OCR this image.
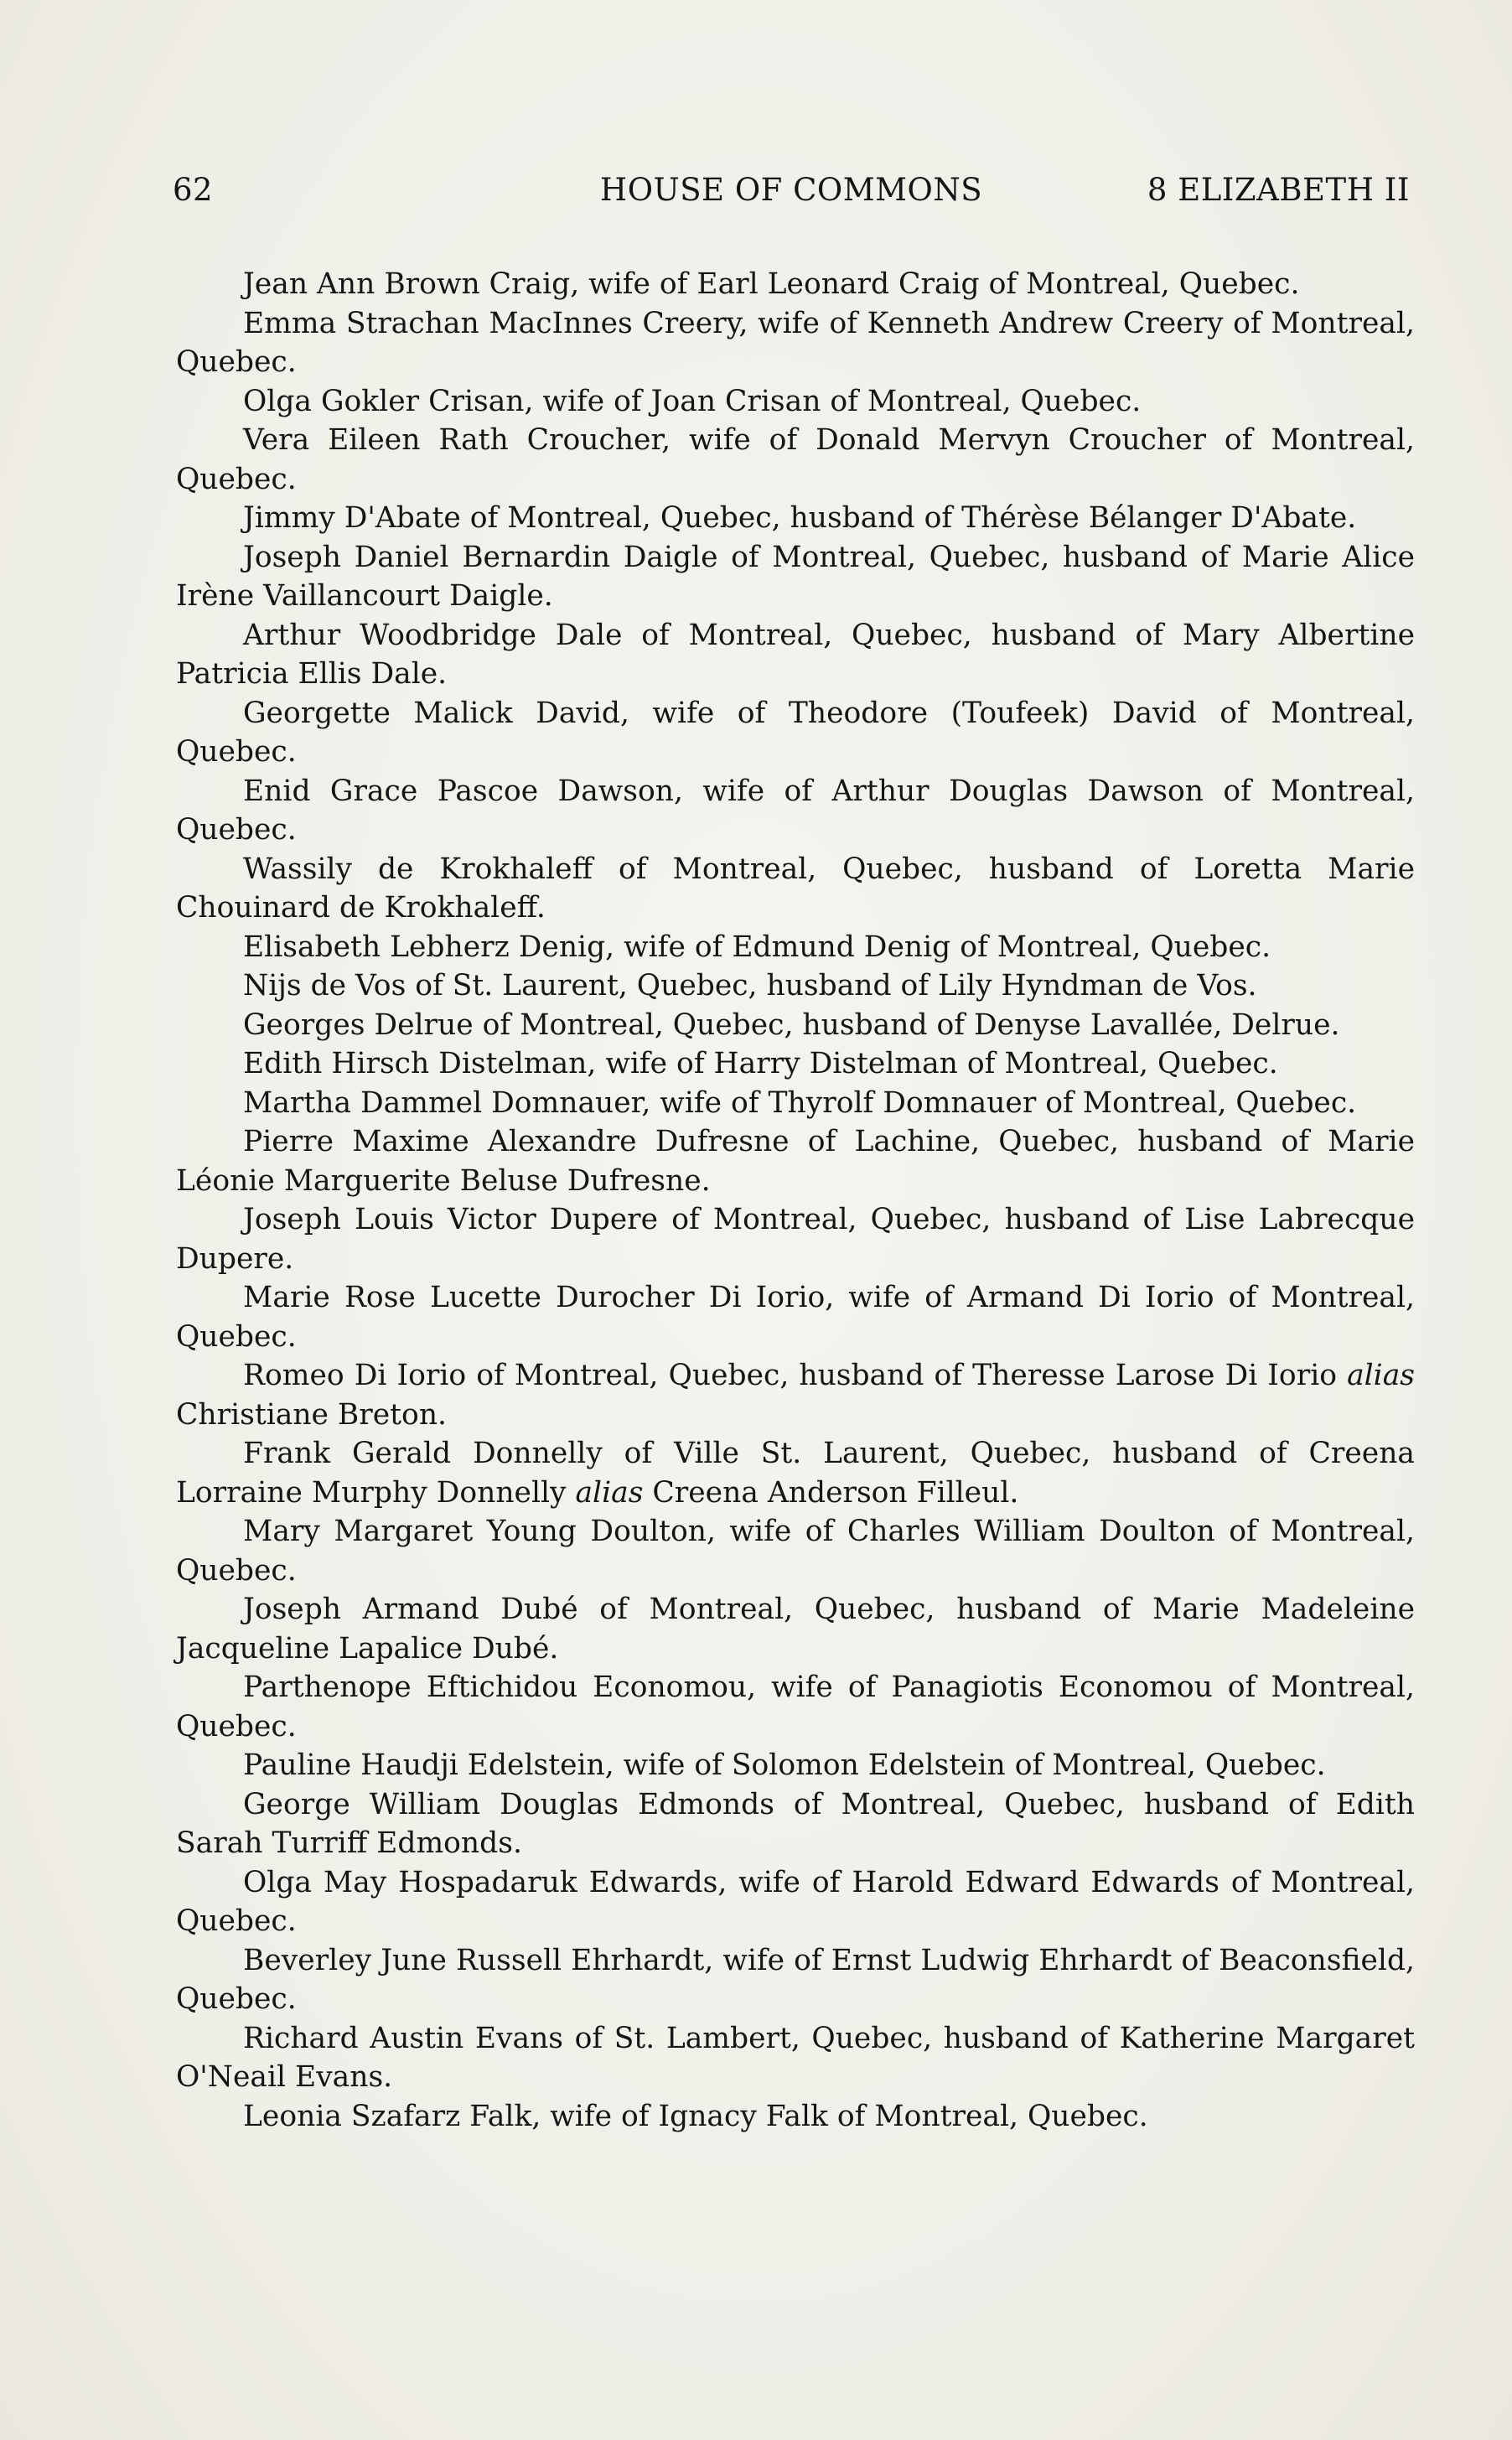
62	HOUSE OF COMMONS	8 ELIZABETH II

Jean Ann Brown Craig, wife of Earl Leonard Craig of Montreal, Quebec.

Emma Strachan MacInnes Creery, wife of Kenneth Andrew Creery of Montreal, Quebec.

Olga Gokler Crisan, wife of Joan Crisan of Montreal, Quebec.

Vera Eileen Rath Croucher, wife of Donald Mervyn Croucher of Montreal, Quebec.

Jimmy D'Abate of Montreal, Quebec, husband of Thérèse Bélanger D'Abate.

Joseph Daniel Bernardin Daigle of Montreal, Quebec, husband of Marie Alice Irène Vaillancourt Daigle.

Arthur Woodbridge Dale of Montreal, Quebec, husband of Mary Albertine Patricia Ellis Dale.

Georgette Malick David, wife of Theodore (Toufeek) David of Montreal, Quebec.

Enid Grace Pascoe Dawson, wife of Arthur Douglas Dawson of Montreal, Quebec.

Wassily de Krokhaleff of Montreal, Quebec, husband of Loretta Marie Chouinard de Krokhaleff.

Elisabeth Lebherz Denig, wife of Edmund Denig of Montreal, Quebec.

Nijs de Vos of St. Laurent, Quebec, husband of Lily Hyndman de Vos.

Georges Delrue of Montreal, Quebec, husband of Denyse Lavallée, Delrue.

Edith Hirsch Distelman, wife of Harry Distelman of Montreal, Quebec.

Martha Dammel Domnauer, wife of Thyrolf Domnauer of Montreal, Quebec.

Pierre Maxime Alexandre Dufresne of Lachine, Quebec, husband of Marie Léonie Marguerite Beluse Dufresne.

Joseph Louis Victor Dupere of Montreal, Quebec, husband of Lise Labrecque Dupere.

Marie Rose Lucette Durocher Di Iorio, wife of Armand Di Iorio of Montreal, Quebec.

Romeo Di Iorio of Montreal, Quebec, husband of Theresse Larose Di Iorio alias Christiane Breton.

Frank Gerald Donnelly of Ville St. Laurent, Quebec, husband of Creena Lorraine Murphy Donnelly alias Creena Anderson Filleul.

Mary Margaret Young Doulton, wife of Charles William Doulton of Montreal, Quebec.

Joseph Armand Dubé of Montreal, Quebec, husband of Marie Madeleine Jacqueline Lapalice Dubé.

Parthenope Eftichidou Economou, wife of Panagiotis Economou of Montreal, Quebec.

Pauline Haudji Edelstein, wife of Solomon Edelstein of Montreal, Quebec.

George William Douglas Edmonds of Montreal, Quebec, husband of Edith Sarah Turriff Edmonds.

Olga May Hospadaruk Edwards, wife of Harold Edward Edwards of Montreal, Quebec.

Beverley June Russell Ehrhardt, wife of Ernst Ludwig Ehrhardt of Beaconsfield, Quebec.

Richard Austin Evans of St. Lambert, Quebec, husband of Katherine Margaret O'Neail Evans.

Leonia Szafarz Falk, wife of Ignacy Falk of Montreal, Quebec.
